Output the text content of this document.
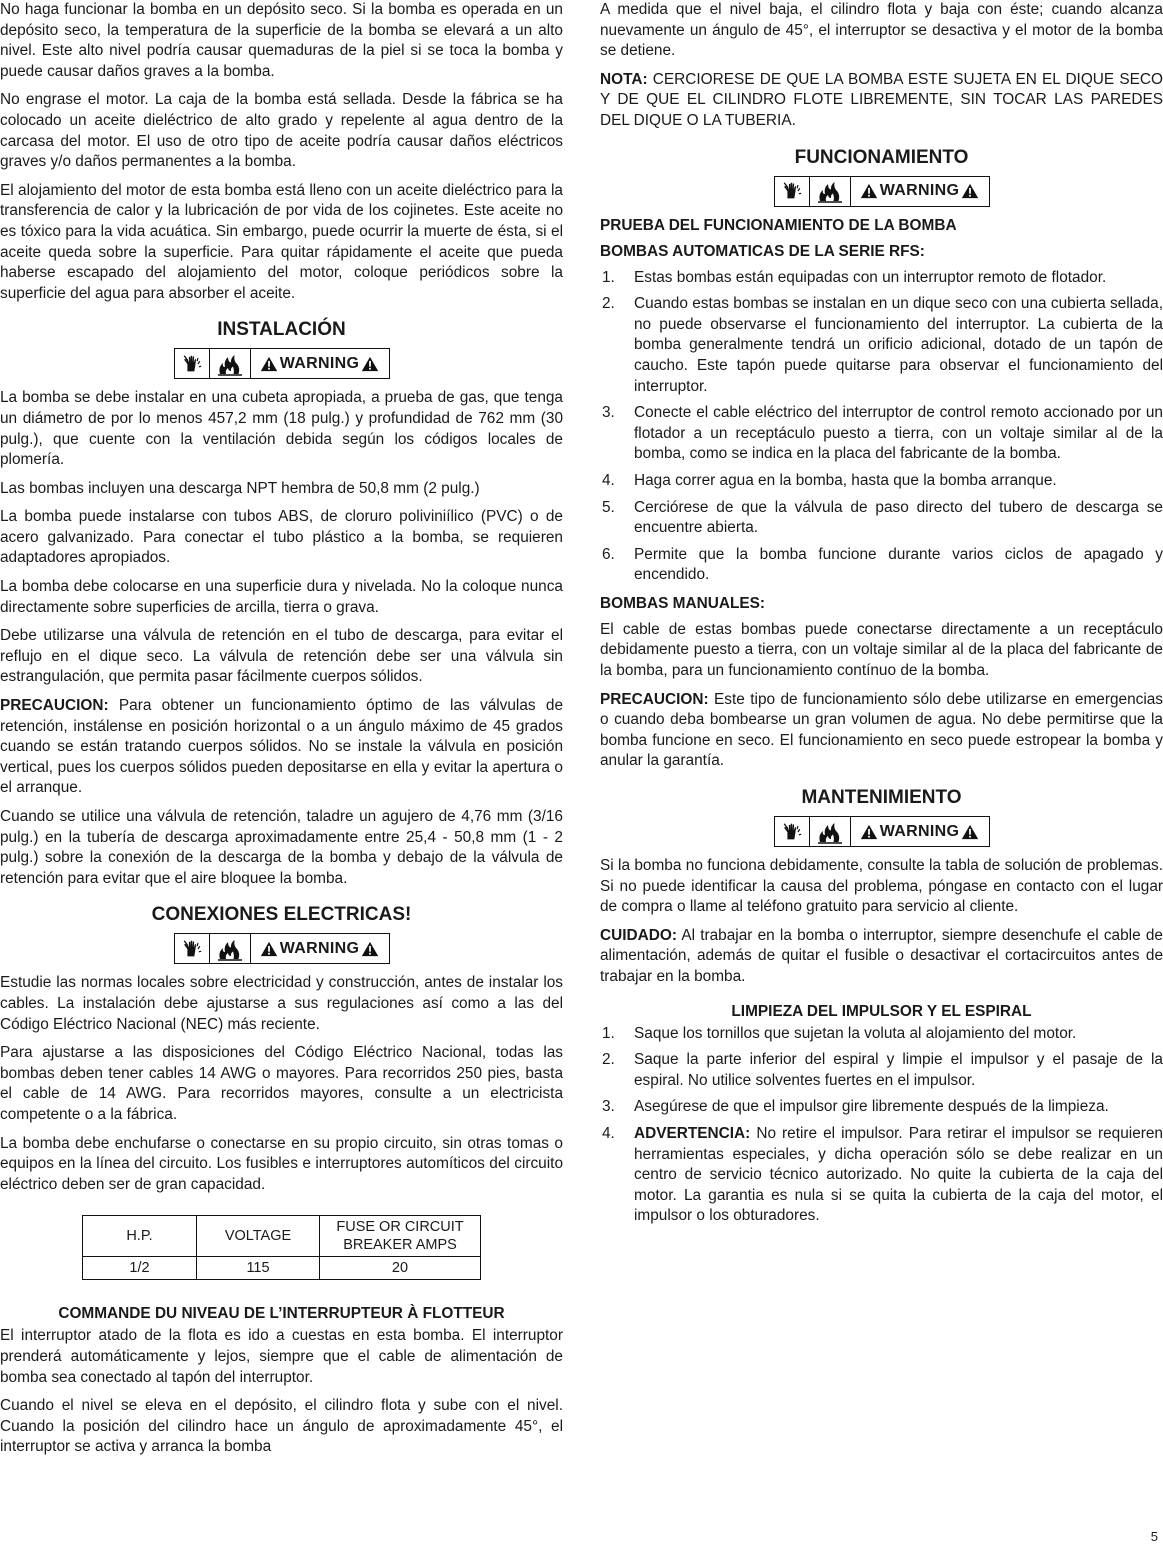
No haga funcionar la bomba en un depósito seco. Si la bomba es operada en un depósito seco, la temperatura de la superficie de la bomba se elevará a un alto nivel. Este alto nivel podría causar quemaduras de la piel si se toca la bomba y puede causar daños graves a la bomba.

No engrase el motor. La caja de la bomba está sellada. Desde la fábrica se ha colocado un aceite dieléctrico de alto grado y repelente al agua dentro de la carcasa del motor. El uso de otro tipo de aceite podría causar daños eléctricos graves y/o daños permanentes a la bomba.

El alojamiento del motor de esta bomba está lleno con un aceite dieléctrico para la transferencia de calor y la lubricación de por vida de los cojinetes. Este aceite no es tóxico para la vida acuática. Sin embargo, puede ocurrir la muerte de ésta, si el aceite queda sobre la superficie. Para quitar rápidamente el aceite que pueda haberse escapado del alojamiento del motor, coloque periódicos sobre la superficie del agua para absorber el aceite.

INSTALACIÓN
WARNING

La bomba se debe instalar en una cubeta apropiada, a prueba de gas, que tenga un diámetro de por lo menos 457,2 mm (18 pulg.) y profundidad de 762 mm (30 pulg.), que cuente con la ventilación debida según los códigos locales de plomería.

Las bombas incluyen una descarga NPT hembra de 50,8 mm (2 pulg.)

La bomba puede instalarse con tubos ABS, de cloruro poliviniílico (PVC) o de acero galvanizado. Para conectar el tubo plástico a la bomba, se requieren adaptadores apropiados.

La bomba debe colocarse en una superficie dura y nivelada. No la coloque nunca directamente sobre superficies de arcilla, tierra o grava.

Debe utilizarse una válvula de retención en el tubo de descarga, para evitar el reflujo en el dique seco. La válvula de retención debe ser una válvula sin estrangulación, que permita pasar fácilmente cuerpos sólidos.

PRECAUCION: Para obtener un funcionamiento óptimo de las válvulas de retención, instálense en posición horizontal o a un ángulo máximo de 45 grados cuando se están tratando cuerpos sólidos. No se instale la válvula en posición vertical, pues los cuerpos sólidos pueden depositarse en ella y evitar la apertura o el arranque.

Cuando se utilice una válvula de retención, taladre un agujero de 4,76 mm (3/16 pulg.) en la tubería de descarga aproximadamente entre 25,4 - 50,8 mm (1 - 2 pulg.) sobre la conexión de la descarga de la bomba y debajo de la válvula de retención para evitar que el aire bloquee la bomba.

CONEXIONES ELECTRICAS!
WARNING

Estudie las normas locales sobre electricidad y construcción, antes de instalar los cables. La instalación debe ajustarse a sus regulaciones así como a las del Código Eléctrico Nacional (NEC) más reciente.

Para ajustarse a las disposiciones del Código Eléctrico Nacional, todas las bombas deben tener cables 14 AWG o mayores. Para recorridos 250 pies, basta el cable de 14 AWG. Para recorridos mayores, consulte a un electricista competente o a la fábrica.

La bomba debe enchufarse o conectarse en su propio circuito, sin otras tomas o equipos en la línea del circuito. Los fusibles e interruptores automíticos del circuito eléctrico deben ser de gran capacidad.

H.P.	VOLTAGE	FUSE OR CIRCUIT BREAKER AMPS
1/2	115	20
COMMANDE DU NIVEAU DE L’INTERRUPTEUR À FLOTTEUR

El interruptor atado de la flota es ido a cuestas en esta bomba. El interruptor prenderá automáticamente y lejos, siempre que el cable de alimentación de bomba sea conectado al tapón del interruptor.

Cuando el nivel se eleva en el depósito, el cilindro flota y sube con el nivel. Cuando la posición del cilindro hace un ángulo de aproximadamente 45°, el interruptor se activa y arranca la bomba

A medida que el nivel baja, el cilindro flota y baja con éste; cuando alcanza nuevamente un ángulo de 45°, el interruptor se desactiva y el motor de la bomba se detiene.

NOTA: CERCIORESE DE QUE LA BOMBA ESTE SUJETA EN EL DIQUE SECO Y DE QUE EL CILINDRO FLOTE LIBREMENTE, SIN TOCAR LAS PAREDES DEL DIQUE O LA TUBERIA.

FUNCIONAMIENTO
WARNING
PRUEBA DEL FUNCIONAMIENTO DE LA BOMBA
BOMBAS AUTOMATICAS DE LA SERIE RFS:
1.	Estas bombas están equipadas con un interruptor remoto de flotador.
2.	Cuando estas bombas se instalan en un dique seco con una cubierta sellada, no puede observarse el funcionamiento del interruptor. La cubierta de la bomba generalmente tendrá un orificio adicional, dotado de un tapón de caucho. Este tapón puede quitarse para observar el funcionamiento del interruptor.
3.	Conecte el cable eléctrico del interruptor de control remoto accionado por un flotador a un receptáculo puesto a tierra, con un voltaje similar al de la bomba, como se indica en la placa del fabricante de la bomba.
4.	Haga correr agua en la bomba, hasta que la bomba arranque.
5.	Cerciórese de que la válvula de paso directo del tubero de descarga se encuentre abierta.
6.	Permite que la bomba funcione durante varios ciclos de apagado y encendido.
BOMBAS MANUALES:

El cable de estas bombas puede conectarse directamente a un receptáculo debidamente puesto a tierra, con un voltaje similar al de la placa del fabricante de la bomba, para un funcionamiento contínuo de la bomba.

PRECAUCION: Este tipo de funcionamiento sólo debe utilizarse en emergencias o cuando deba bombearse un gran volumen de agua. No debe permitirse que la bomba funcione en seco. El funcionamiento en seco puede estropear la bomba y anular la garantía.

MANTENIMIENTO
WARNING

Si la bomba no funciona debidamente, consulte la tabla de solución de problemas. Si no puede identificar la causa del problema, póngase en contacto con el lugar de compra o llame al teléfono gratuito para servicio al cliente.

CUIDADO: Al trabajar en la bomba o interruptor, siempre desenchufe el cable de alimentación, además de quitar el fusible o desactivar el cortacircuitos antes de trabajar en la bomba.

LIMPIEZA DEL IMPULSOR Y EL ESPIRAL
1.	Saque los tornillos que sujetan la voluta al alojamiento del motor.
2.	Saque la parte inferior del espiral y limpie el impulsor y el pasaje de la espiral. No utilice solventes fuertes en el impulsor.
3.	Asegúrese de que el impulsor gire libremente después de la limpieza.
4.	ADVERTENCIA: No retire el impulsor. Para retirar el impulsor se requieren herramientas especiales, y dicha operación sólo se debe realizar en un centro de servicio técnico autorizado. No quite la cubierta de la caja del motor. La garantia es nula si se quita la cubierta de la caja del motor, el impulsor o los obturadores.
5
